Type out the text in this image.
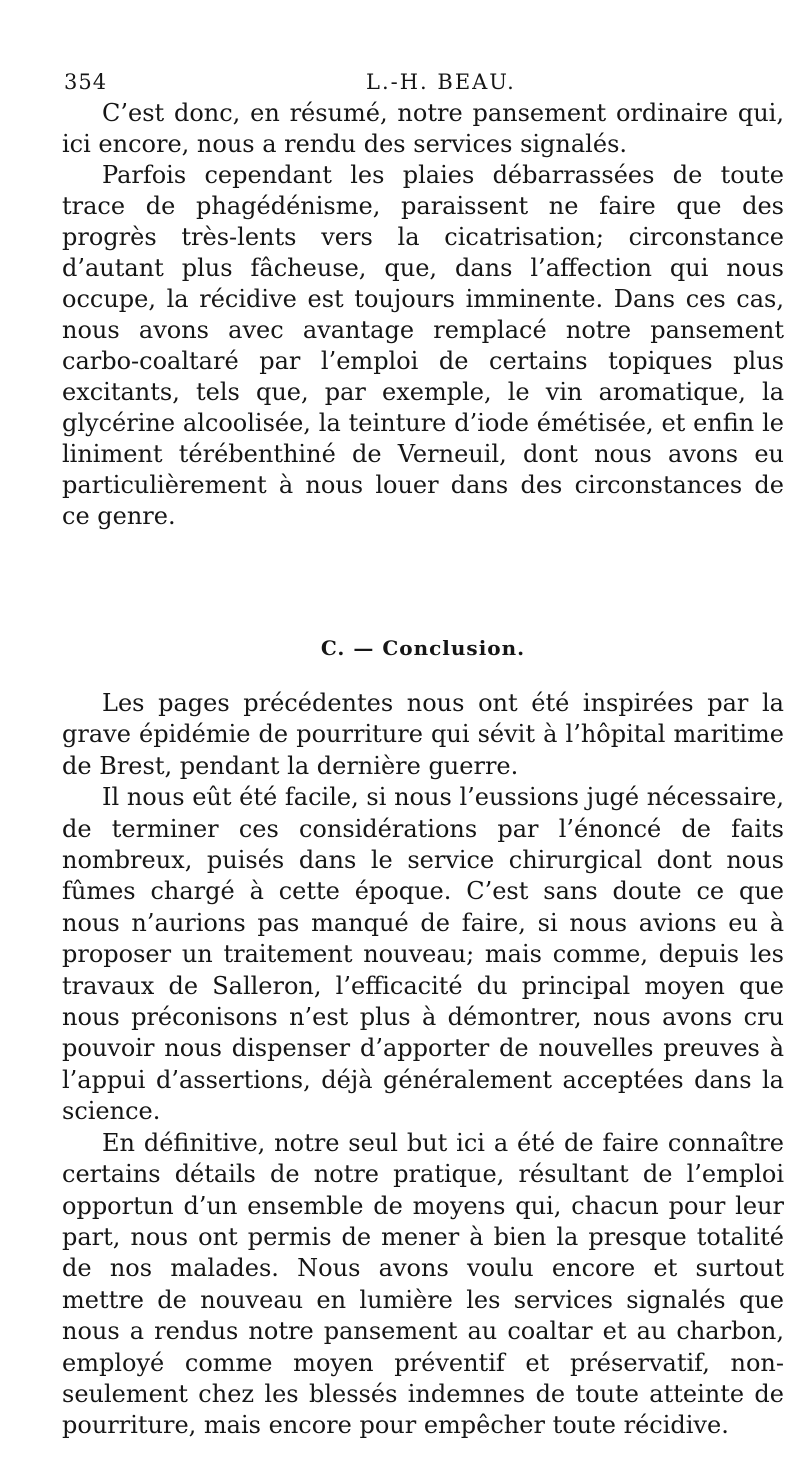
354	L.-H. BEAU.

C’est donc, en résumé, notre pansement ordinaire qui, ici encore, nous a rendu des services signalés.

Parfois cependant les plaies débarrassées de toute trace de phagédénisme, paraissent ne faire que des progrès très-lents vers la cicatrisation; circonstance d’autant plus fâcheuse, que, dans l’affection qui nous occupe, la récidive est toujours imminente. Dans ces cas, nous avons avec avantage remplacé notre pansement carbo-coaltaré par l’emploi de certains topiques plus excitants, tels que, par exemple, le vin aromatique, la glycérine alcoolisée, la teinture d’iode émétisée, et enfin le liniment térébenthiné de Verneuil, dont nous avons eu particulièrement à nous louer dans des circonstances de ce genre.

C. — Conclusion.

Les pages précédentes nous ont été inspirées par la grave épidémie de pourriture qui sévit à l’hôpital maritime de Brest, pendant la dernière guerre.

Il nous eût été facile, si nous l’eussions jugé nécessaire, de terminer ces considérations par l’énoncé de faits nombreux, puisés dans le service chirurgical dont nous fûmes chargé à cette époque. C’est sans doute ce que nous n’aurions pas manqué de faire, si nous avions eu à proposer un traitement nouveau; mais comme, depuis les travaux de Salleron, l’efficacité du principal moyen que nous préconisons n’est plus à démontrer, nous avons cru pouvoir nous dispenser d’apporter de nouvelles preuves à l’appui d’assertions, déjà généralement acceptées dans la science.

En définitive, notre seul but ici a été de faire connaître certains détails de notre pratique, résultant de l’emploi opportun d’un ensemble de moyens qui, chacun pour leur part, nous ont permis de mener à bien la presque totalité de nos malades. Nous avons voulu encore et surtout mettre de nouveau en lumière les services signalés que nous a rendus notre pansement au coaltar et au charbon, employé comme moyen préventif et préservatif, non-seulement chez les blessés indemnes de toute atteinte de pourriture, mais encore pour empêcher toute récidive.
